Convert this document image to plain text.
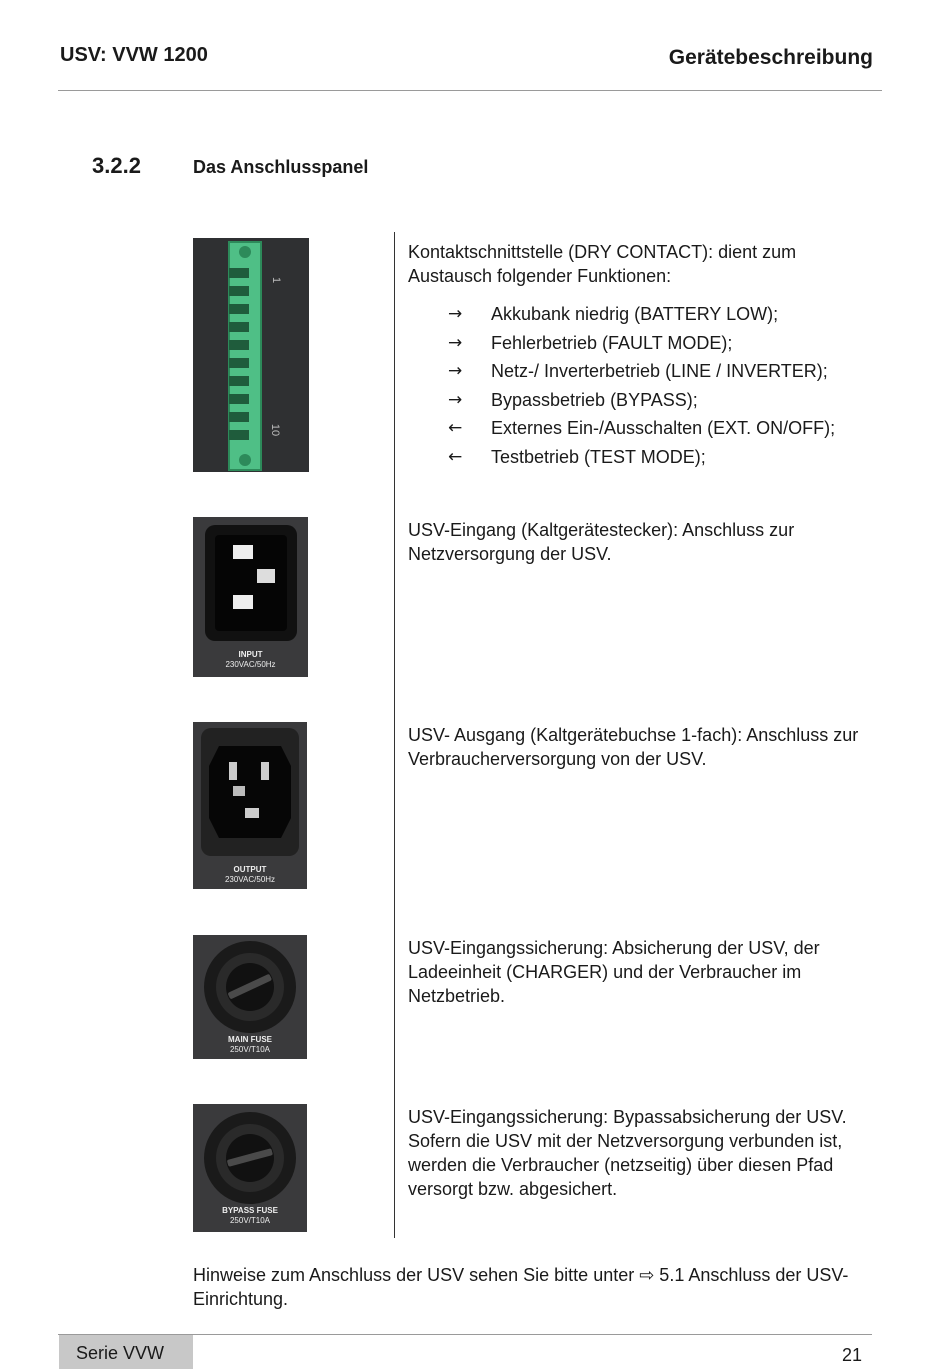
USV: VVW 1200	Gerätebeschreibung
3.2.2	Das Anschlusspanel
1
10
Kontaktschnittstelle (DRY CONTACT): dient zum Austausch folgender Funktionen:
→ Akkubank niedrig (BATTERY LOW);
→ Fehlerbetrieb (FAULT MODE);
→ Netz-/ Inverterbetrieb (LINE / INVERTER);
→ Bypassbetrieb (BYPASS);
← Externes Ein-/Ausschalten (EXT. ON/OFF);
← Testbetrieb (TEST MODE);
INPUT
230VAC/50Hz
USV-Eingang (Kaltgerätestecker): Anschluss zur Netzversorgung der USV.
OUTPUT
230VAC/50Hz
USV- Ausgang (Kaltgerätebuchse 1-fach): Anschluss zur Verbraucherversorgung von der USV.
MAIN FUSE
250V/T10A
USV-Eingangssicherung: Absicherung der USV, der Ladeeinheit (CHARGER) und der Verbraucher im Netzbetrieb.
BYPASS FUSE
250V/T10A
USV-Eingangssicherung: Bypassabsicherung der USV. Sofern die USV mit der Netzversorgung verbunden ist, werden die Verbraucher (netzseitig) über diesen Pfad versorgt bzw. abgesichert.
Hinweise zum Anschluss der USV sehen Sie bitte unter ⇨ 5.1 Anschluss der USV-Einrichtung.
Serie VVW	21
